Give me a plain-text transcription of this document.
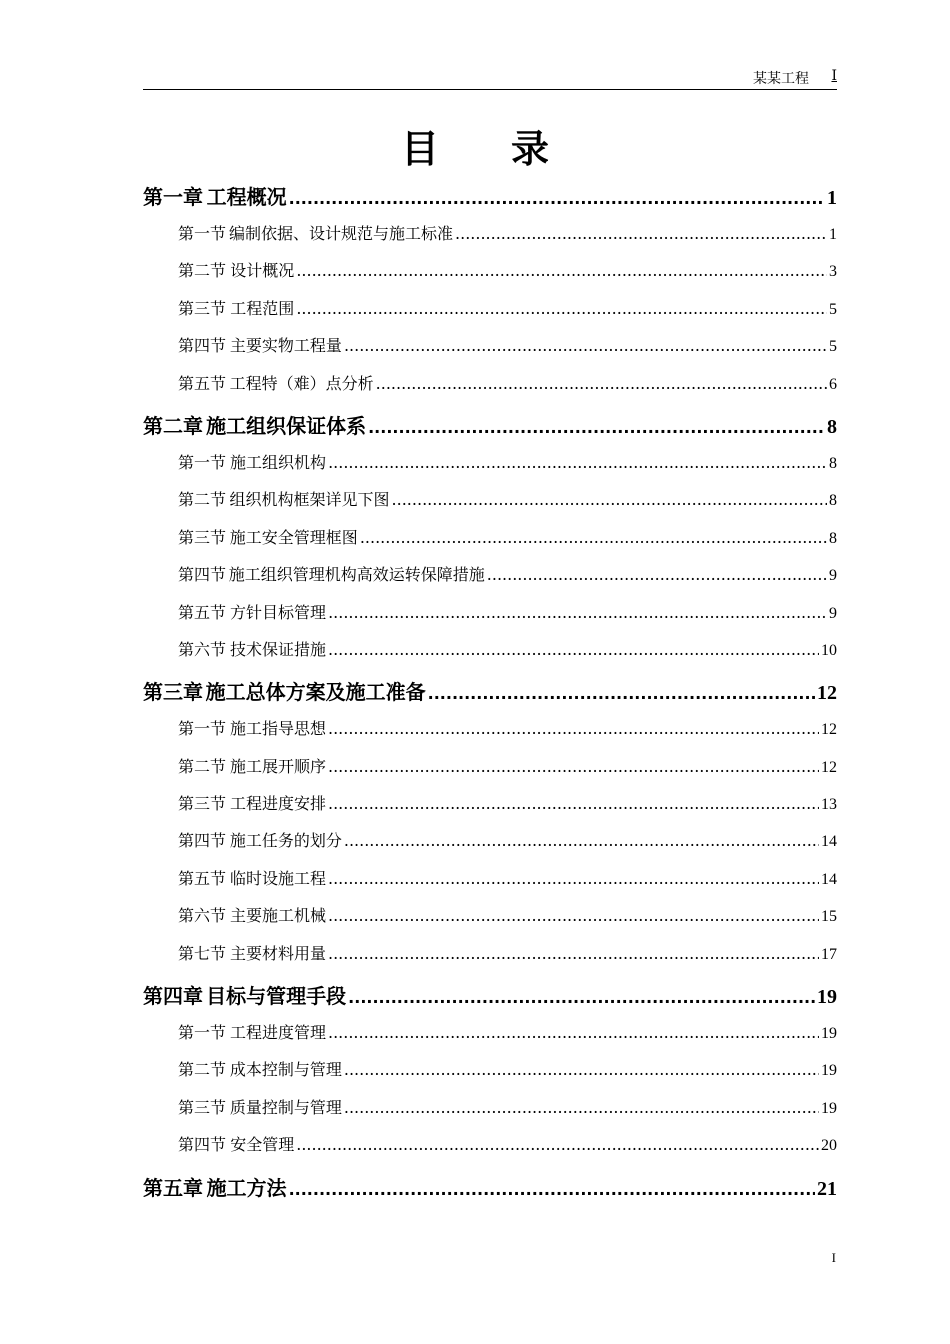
某某工程 I
目录
第一章 工程概况 .....	1
第一节 编制依据、设计规范与施工标准 .....	1
第二节 设计概况 .....	3
第三节 工程范围 .....	5
第四节 主要实物工程量 .....	5
第五节 工程特（难）点分析 .....	6
第二章 施工组织保证体系 .....	8
第一节 施工组织机构 .....	8
第二节 组织机构框架详见下图 .....	8
第三节 施工安全管理框图 .....	8
第四节 施工组织管理机构高效运转保障措施 .....	9
第五节 方针目标管理 .....	9
第六节 技术保证措施 .....	10
第三章 施工总体方案及施工准备 .....	12
第一节 施工指导思想 .....	12
第二节 施工展开顺序 .....	12
第三节 工程进度安排 .....	13
第四节 施工任务的划分 .....	14
第五节 临时设施工程 .....	14
第六节 主要施工机械 .....	15
第七节 主要材料用量 .....	17
第四章 目标与管理手段 .....	19
第一节 工程进度管理 .....	19
第二节 成本控制与管理 .....	19
第三节 质量控制与管理 .....	19
第四节 安全管理 .....	20
第五章 施工方法 .....	21
I
